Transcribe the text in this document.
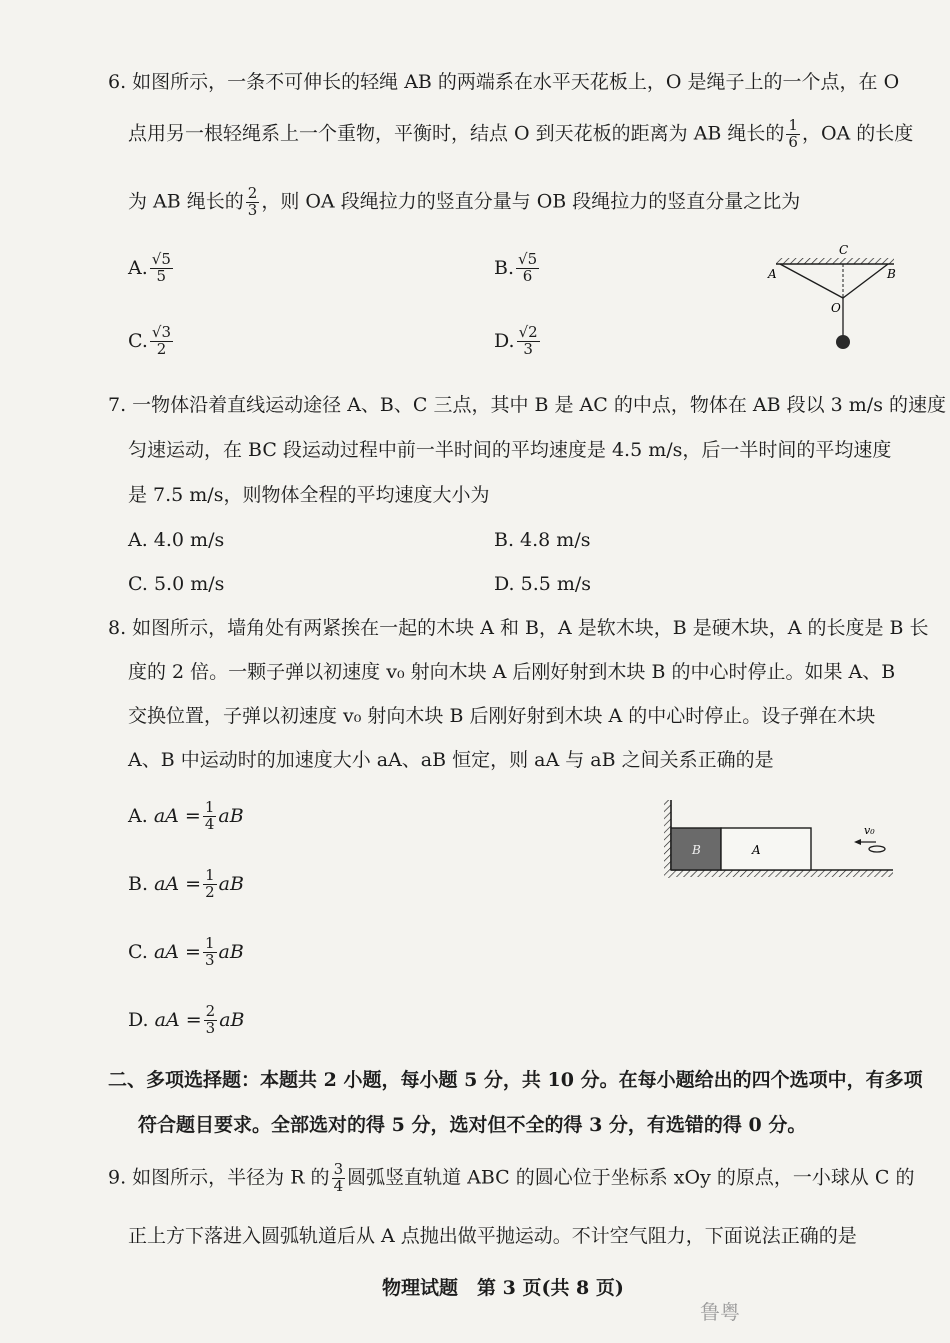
6. 如图所示，一条不可伸长的轻绳 AB 的两端系在水平天花板上，O 是绳子上的一个点，在 O
点用另一根轻绳系上一个重物，平衡时，结点 O 到天花板的距离为 AB 绳长的 $\frac{1}{6}$ ，OA 的长度
为 AB 绳长的 $\frac{2}{3}$ ，则 OA 段绳拉力的竖直分量与 OB 段绳拉力的竖直分量之比为
A. $\frac{√5}{5}$	B. $\frac{√5}{6}$
C. $\frac{√3}{2}$	D. $\frac{√2}{3}$
C
A	B
O
7. 一物体沿着直线运动途径 A、B、C 三点，其中 B 是 AC 的中点，物体在 AB 段以 3 m/s 的速度
匀速运动，在 BC 段运动过程中前一半时间的平均速度是 4.5 m/s，后一半时间的平均速度
是 7.5 m/s，则物体全程的平均速度大小为
A. 4.0 m/s	B. 4.8 m/s
C. 5.0 m/s	D. 5.5 m/s
8. 如图所示，墙角处有两紧挨在一起的木块 A 和 B，A 是软木块，B 是硬木块，A 的长度是 B 长
度的 2 倍。一颗子弹以初速度 v₀ 射向木块 A 后刚好射到木块 B 的中心时停止。如果 A、B
交换位置，子弹以初速度 v₀ 射向木块 B 后刚好射到木块 A 的中心时停止。设子弹在木块
A、B 中运动时的加速度大小 aA、aB 恒定，则 aA 与 aB 之间关系正确的是
A.
aA = $\frac{1}{4}$ aB
B.
aA = $\frac{1}{2}$ aB
C.
aA = $\frac{1}{3}$ aB
D.
aA = $\frac{2}{3}$ aB
B	A
v₀
二、多项选择题：本题共 2 小题，每小题 5 分，共 10 分。在每小题给出的四个选项中，有多项
符合题目要求。全部选对的得 5 分，选对但不全的得 3 分，有选错的得 0 分。
9. 如图所示，半径为 R 的 $\frac{3}{4}$ 圆弧竖直轨道 ABC 的圆心位于坐标系 xOy 的原点，一小球从 C 的
正上方下落进入圆弧轨道后从 A 点抛出做平抛运动。不计空气阻力，下面说法正确的是
物理试题　第 3 页(共 8 页)
鲁粤
